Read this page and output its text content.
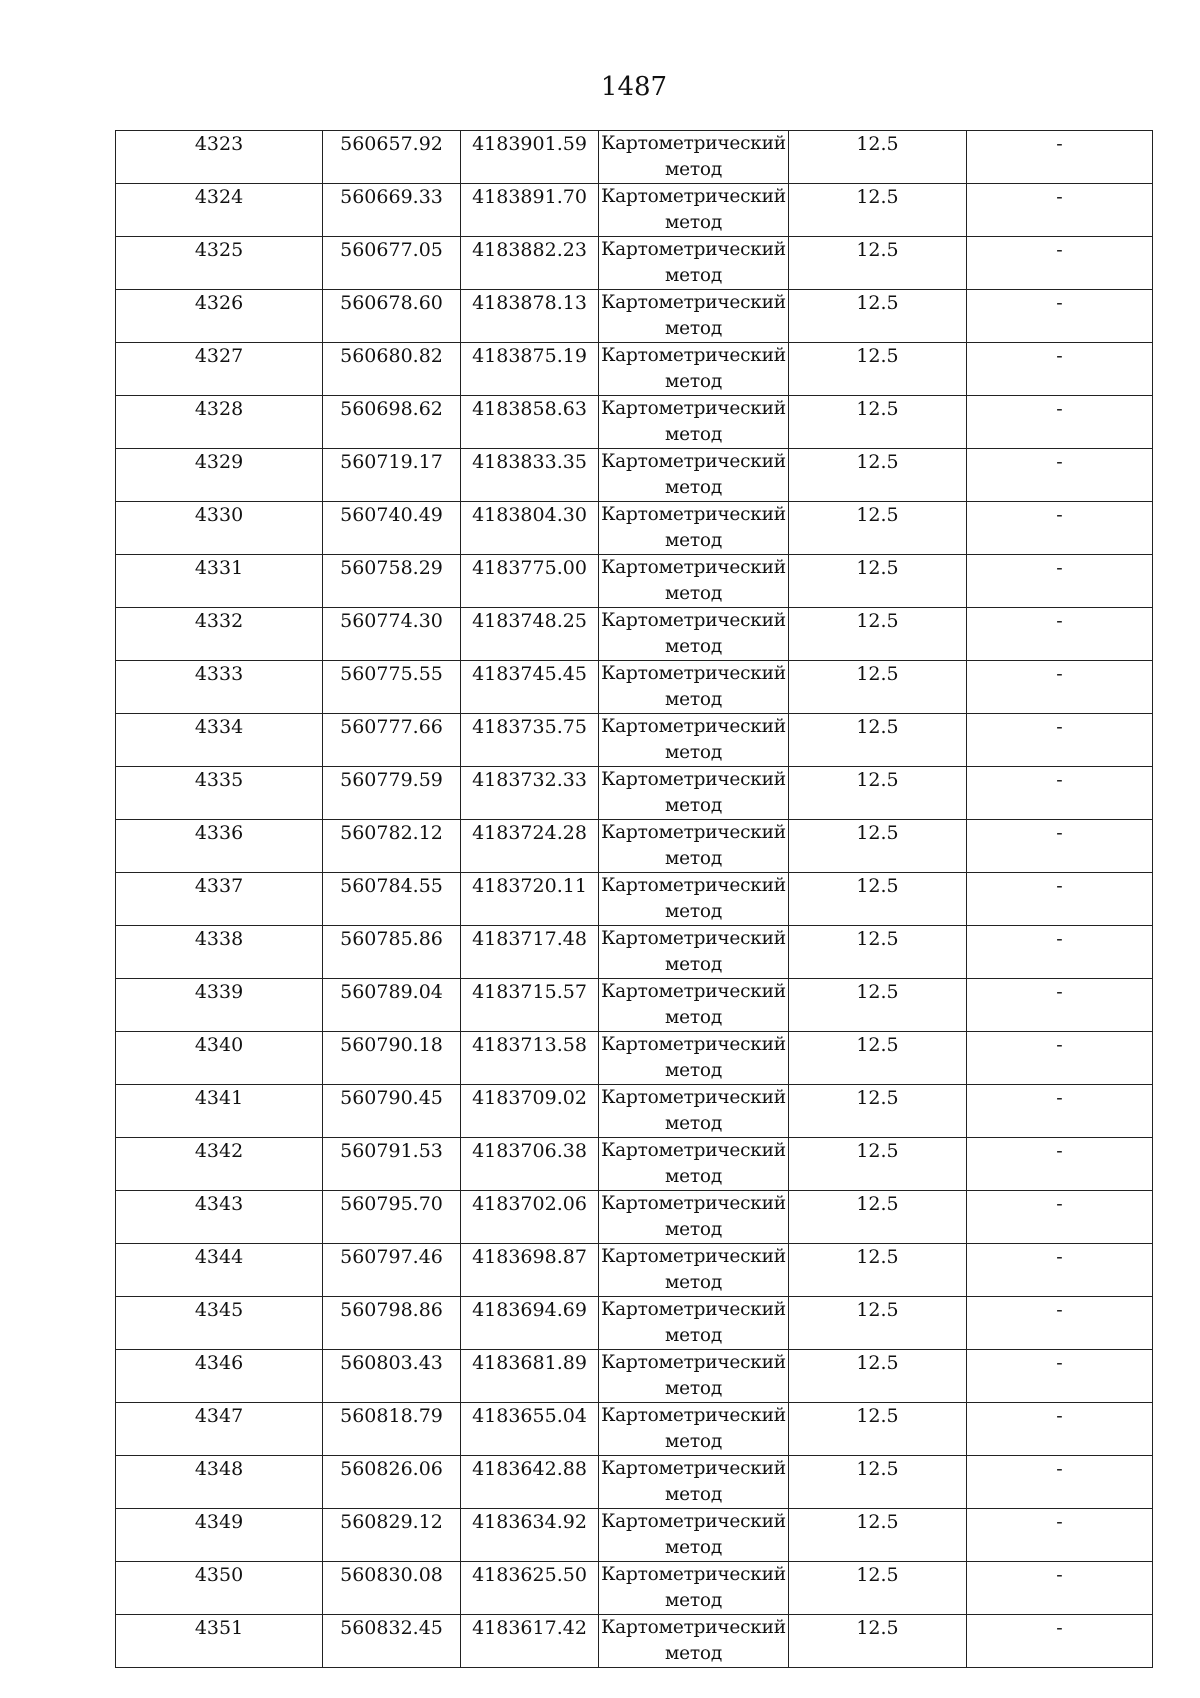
1487
4323	560657.92	4183901.59	Картометрический метод	12.5	-

4324	560669.33	4183891.70	Картометрический метод	12.5	-

4325	560677.05	4183882.23	Картометрический метод	12.5	-

4326	560678.60	4183878.13	Картометрический метод	12.5	-

4327	560680.82	4183875.19	Картометрический метод	12.5	-

4328	560698.62	4183858.63	Картометрический метод	12.5	-

4329	560719.17	4183833.35	Картометрический метод	12.5	-

4330	560740.49	4183804.30	Картометрический метод	12.5	-

4331	560758.29	4183775.00	Картометрический метод	12.5	-

4332	560774.30	4183748.25	Картометрический метод	12.5	-

4333	560775.55	4183745.45	Картометрический метод	12.5	-

4334	560777.66	4183735.75	Картометрический метод	12.5	-

4335	560779.59	4183732.33	Картометрический метод	12.5	-

4336	560782.12	4183724.28	Картометрический метод	12.5	-

4337	560784.55	4183720.11	Картометрический метод	12.5	-

4338	560785.86	4183717.48	Картометрический метод	12.5	-

4339	560789.04	4183715.57	Картометрический метод	12.5	-

4340	560790.18	4183713.58	Картометрический метод	12.5	-

4341	560790.45	4183709.02	Картометрический метод	12.5	-

4342	560791.53	4183706.38	Картометрический метод	12.5	-

4343	560795.70	4183702.06	Картометрический метод	12.5	-

4344	560797.46	4183698.87	Картометрический метод	12.5	-

4345	560798.86	4183694.69	Картометрический метод	12.5	-

4346	560803.43	4183681.89	Картометрический метод	12.5	-

4347	560818.79	4183655.04	Картометрический метод	12.5	-

4348	560826.06	4183642.88	Картометрический метод	12.5	-

4349	560829.12	4183634.92	Картометрический метод	12.5	-

4350	560830.08	4183625.50	Картометрический метод	12.5	-

4351	560832.45	4183617.42	Картометрический метод	12.5	-
